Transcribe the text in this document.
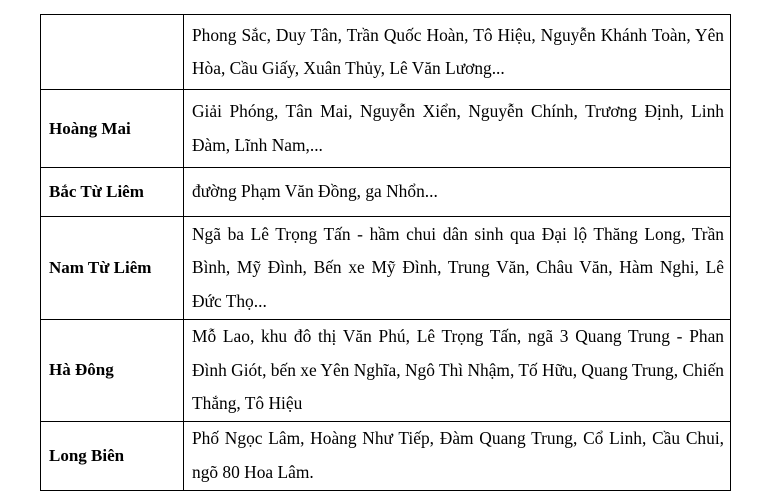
	Phong Sắc, Duy Tân, Trần Quốc Hoàn, Tô Hiệu, Nguyễn Khánh Toàn, Yên Hòa, Cầu Giấy, Xuân Thủy, Lê Văn Lương...
Hoàng Mai	Giải Phóng, Tân Mai, Nguyễn Xiển, Nguyễn Chính, Trương Định, Linh Đàm, Lĩnh Nam,...
Bắc Từ Liêm	đường Phạm Văn Đồng, ga Nhổn...
Nam Từ Liêm	Ngã ba Lê Trọng Tấn - hầm chui dân sinh qua Đại lộ Thăng Long, Trần Bình, Mỹ Đình, Bến xe Mỹ Đình, Trung Văn, Châu Văn, Hàm Nghi, Lê Đức Thọ...
Hà Đông	Mỗ Lao, khu đô thị Văn Phú, Lê Trọng Tấn, ngã 3 Quang Trung - Phan Đình Giót, bến xe Yên Nghĩa, Ngô Thì Nhậm, Tố Hữu, Quang Trung, Chiến Thắng, Tô Hiệu
Long Biên	Phố Ngọc Lâm, Hoàng Như Tiếp, Đàm Quang Trung, Cổ Linh, Cầu Chui, ngõ 80 Hoa Lâm.
